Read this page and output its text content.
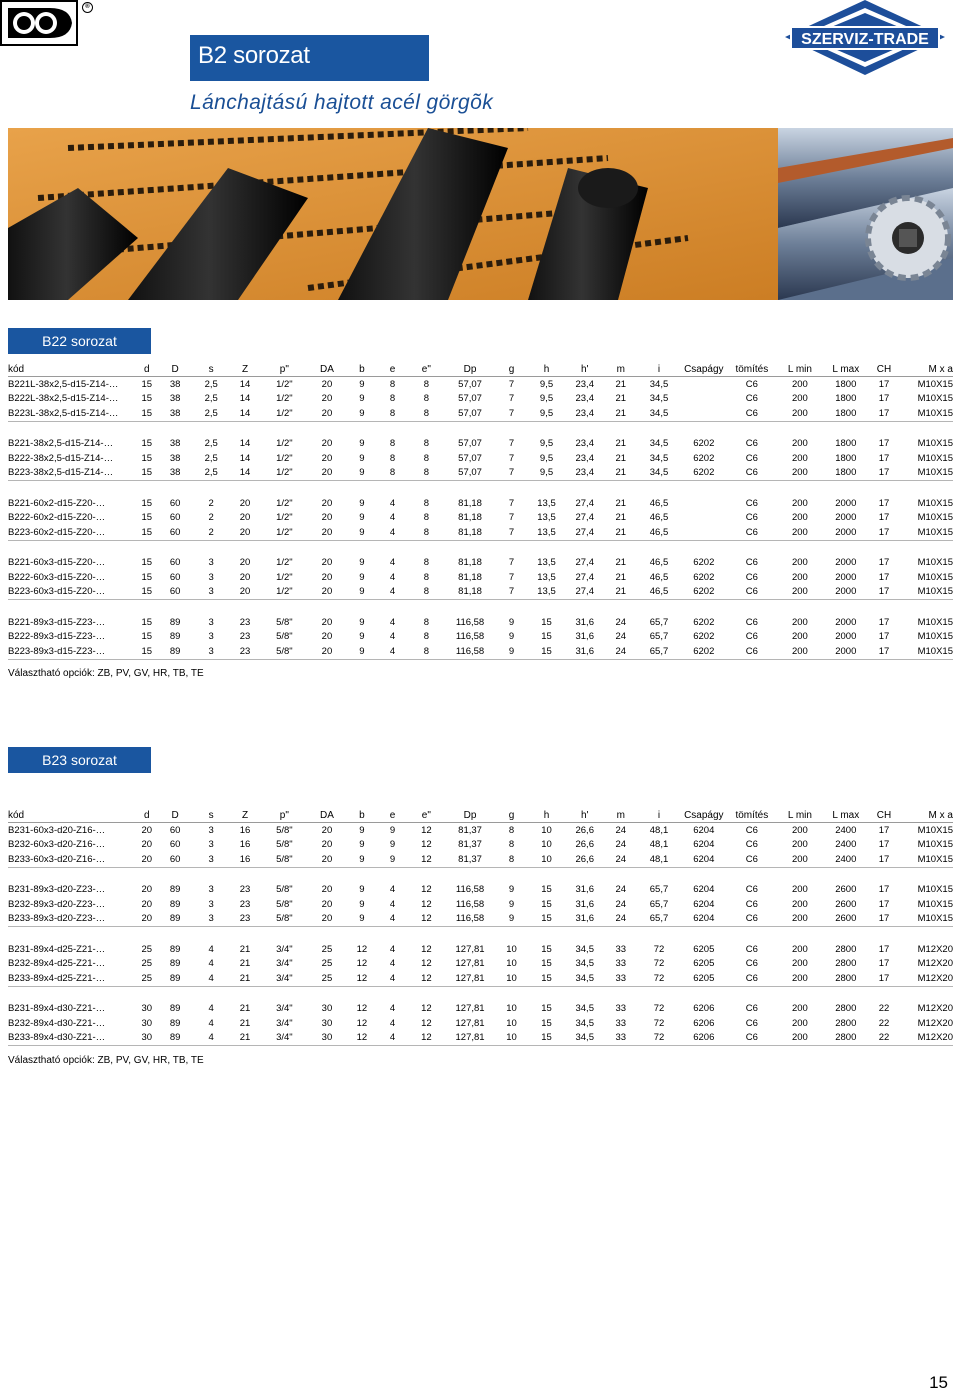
®
B2 sorozat
Lánchajtású hajtott acél görgõk
SZERVIZ-TRADE
B22 sorozat
kód	d	D	s	Z	p"	DA	b	e	e"	Dp	g	h	h'	m	i	Csapágy	tömítés	L min	L max	CH	M x a
B221L-38x2,5-d15-Z14-…	15	38	2,5	14	1/2"	20	9	8	8	57,07	7	9,5	23,4	21	34,5		C6	200	1800	17	M10X15
B222L-38x2,5-d15-Z14-…	15	38	2,5	14	1/2"	20	9	8	8	57,07	7	9,5	23,4	21	34,5		C6	200	1800	17	M10X15
B223L-38x2,5-d15-Z14-…	15	38	2,5	14	1/2"	20	9	8	8	57,07	7	9,5	23,4	21	34,5		C6	200	1800	17	M10X15

B221-38x2,5-d15-Z14-…	15	38	2,5	14	1/2"	20	9	8	8	57,07	7	9,5	23,4	21	34,5	6202	C6	200	1800	17	M10X15
B222-38x2,5-d15-Z14-…	15	38	2,5	14	1/2"	20	9	8	8	57,07	7	9,5	23,4	21	34,5	6202	C6	200	1800	17	M10X15
B223-38x2,5-d15-Z14-…	15	38	2,5	14	1/2"	20	9	8	8	57,07	7	9,5	23,4	21	34,5	6202	C6	200	1800	17	M10X15

B221-60x2-d15-Z20-…	15	60	2	20	1/2"	20	9	4	8	81,18	7	13,5	27,4	21	46,5		C6	200	2000	17	M10X15
B222-60x2-d15-Z20-…	15	60	2	20	1/2"	20	9	4	8	81,18	7	13,5	27,4	21	46,5		C6	200	2000	17	M10X15
B223-60x2-d15-Z20-…	15	60	2	20	1/2"	20	9	4	8	81,18	7	13,5	27,4	21	46,5		C6	200	2000	17	M10X15

B221-60x3-d15-Z20-…	15	60	3	20	1/2"	20	9	4	8	81,18	7	13,5	27,4	21	46,5	6202	C6	200	2000	17	M10X15
B222-60x3-d15-Z20-…	15	60	3	20	1/2"	20	9	4	8	81,18	7	13,5	27,4	21	46,5	6202	C6	200	2000	17	M10X15
B223-60x3-d15-Z20-…	15	60	3	20	1/2"	20	9	4	8	81,18	7	13,5	27,4	21	46,5	6202	C6	200	2000	17	M10X15

B221-89x3-d15-Z23-…	15	89	3	23	5/8"	20	9	4	8	116,58	9	15	31,6	24	65,7	6202	C6	200	2000	17	M10X15
B222-89x3-d15-Z23-…	15	89	3	23	5/8"	20	9	4	8	116,58	9	15	31,6	24	65,7	6202	C6	200	2000	17	M10X15
B223-89x3-d15-Z23-…	15	89	3	23	5/8"	20	9	4	8	116,58	9	15	31,6	24	65,7	6202	C6	200	2000	17	M10X15
Választható opciók: ZB, PV, GV, HR, TB, TE
B23 sorozat
kód	d	D	s	Z	p"	DA	b	e	e"	Dp	g	h	h'	m	i	Csapágy	tömítés	L min	L max	CH	M x a
B231-60x3-d20-Z16-…	20	60	3	16	5/8"	20	9	9	12	81,37	8	10	26,6	24	48,1	6204	C6	200	2400	17	M10X15
B232-60x3-d20-Z16-…	20	60	3	16	5/8"	20	9	9	12	81,37	8	10	26,6	24	48,1	6204	C6	200	2400	17	M10X15
B233-60x3-d20-Z16-…	20	60	3	16	5/8"	20	9	9	12	81,37	8	10	26,6	24	48,1	6204	C6	200	2400	17	M10X15

B231-89x3-d20-Z23-…	20	89	3	23	5/8"	20	9	4	12	116,58	9	15	31,6	24	65,7	6204	C6	200	2600	17	M10X15
B232-89x3-d20-Z23-…	20	89	3	23	5/8"	20	9	4	12	116,58	9	15	31,6	24	65,7	6204	C6	200	2600	17	M10X15
B233-89x3-d20-Z23-…	20	89	3	23	5/8"	20	9	4	12	116,58	9	15	31,6	24	65,7	6204	C6	200	2600	17	M10X15

B231-89x4-d25-Z21-…	25	89	4	21	3/4"	25	12	4	12	127,81	10	15	34,5	33	72	6205	C6	200	2800	17	M12X20
B232-89x4-d25-Z21-…	25	89	4	21	3/4"	25	12	4	12	127,81	10	15	34,5	33	72	6205	C6	200	2800	17	M12X20
B233-89x4-d25-Z21-…	25	89	4	21	3/4"	25	12	4	12	127,81	10	15	34,5	33	72	6205	C6	200	2800	17	M12X20

B231-89x4-d30-Z21-…	30	89	4	21	3/4"	30	12	4	12	127,81	10	15	34,5	33	72	6206	C6	200	2800	22	M12X20
B232-89x4-d30-Z21-…	30	89	4	21	3/4"	30	12	4	12	127,81	10	15	34,5	33	72	6206	C6	200	2800	22	M12X20
B233-89x4-d30-Z21-…	30	89	4	21	3/4"	30	12	4	12	127,81	10	15	34,5	33	72	6206	C6	200	2800	22	M12X20
Választható opciók: ZB, PV, GV, HR, TB, TE
15
